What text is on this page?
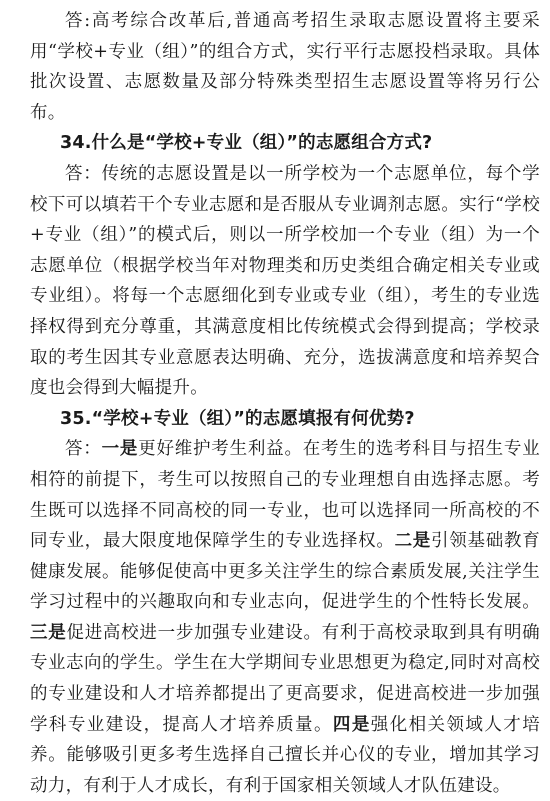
答:高考综合改革后,普通高考招生录取志愿设置将主要采用“学校+专业（组）”的组合方式，实行平行志愿投档录取。具体批次设置、志愿数量及部分特殊类型招生志愿设置等将另行公布。

34.什么是“学校+专业（组）”的志愿组合方式?

答：传统的志愿设置是以一所学校为一个志愿单位，每个学校下可以填若干个专业志愿和是否服从专业调剂志愿。实行“学校+专业（组）”的模式后，则以一所学校加一个专业（组）为一个志愿单位（根据学校当年对物理类和历史类组合确定相关专业或专业组）。将每一个志愿细化到专业或专业（组），考生的专业选择权得到充分尊重，其满意度相比传统模式会得到提高；学校录取的考生因其专业意愿表达明确、充分，选拔满意度和培养契合度也会得到大幅提升。

35.“学校+专业（组）”的志愿填报有何优势?

答：一是更好维护考生利益。在考生的选考科目与招生专业相符的前提下，考生可以按照自己的专业理想自由选择志愿。考生既可以选择不同高校的同一专业，也可以选择同一所高校的不同专业，最大限度地保障学生的专业选择权。二是引领基础教育健康发展。能够促使高中更多关注学生的综合素质发展,关注学生学习过程中的兴趣取向和专业志向，促进学生的个性特长发展。三是促进高校进一步加强专业建设。有利于高校录取到具有明确专业志向的学生。学生在大学期间专业思想更为稳定,同时对高校的专业建设和人才培养都提出了更高要求，促进高校进一步加强学科专业建设，提高人才培养质量。四是强化相关领域人才培养。能够吸引更多考生选择自己擅长并心仪的专业，增加其学习动力，有利于人才成长，有利于国家相关领域人才队伍建设。
